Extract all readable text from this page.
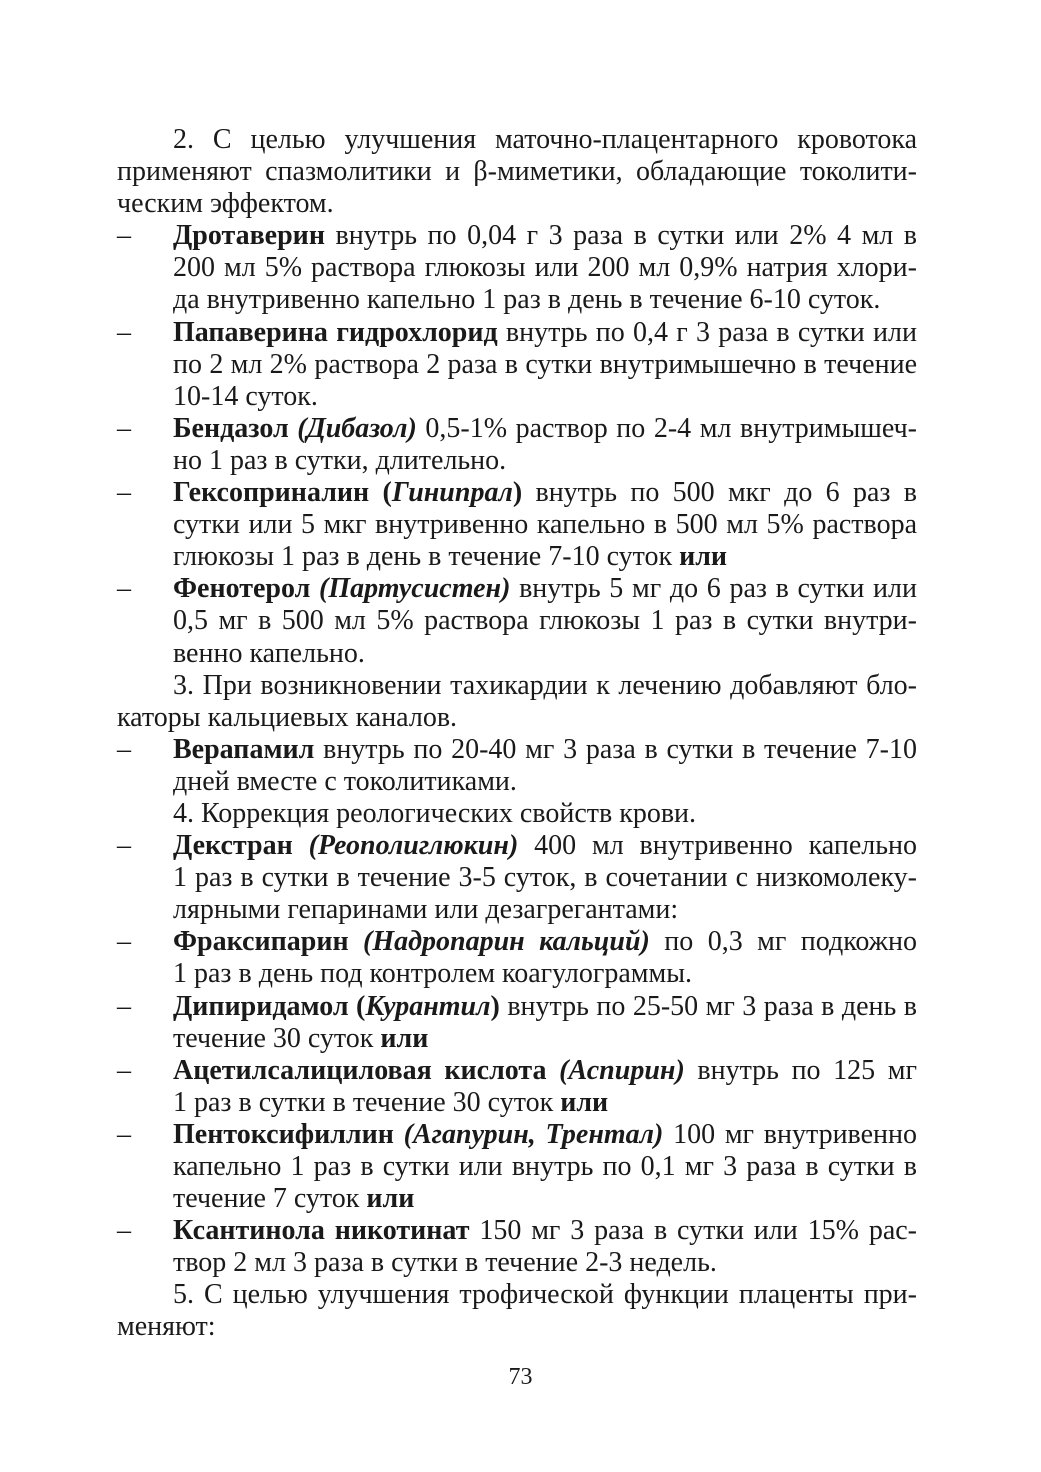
2. С целью улучшения маточно-плацентарного кровотока
применяют спазмолитики и β-миметики, обладающие токолити-
ческим эффектом.
– Дротаверин внутрь по 0,04 г 3 раза в сутки или 2% 4 мл в
200 мл 5% раствора глюкозы или 200 мл 0,9% натрия хлори-
да внутривенно капельно 1 раз в день в течение 6-10 суток.
– Папаверина гидрохлорид внутрь по 0,4 г 3 раза в сутки или
по 2 мл 2% раствора 2 раза в сутки внутримышечно в течение
10-14 суток.
– Бендазол (Дибазол) 0,5-1% раствор по 2-4 мл внутримышеч-
но 1 раз в сутки, длительно.
– Гексоприналин (Гинипрал) внутрь по 500 мкг до 6 раз в
сутки или 5 мкг внутривенно капельно в 500 мл 5% раствора
глюкозы 1 раз в день в течение 7-10 суток или
– Фенотерол (Партусистен) внутрь 5 мг до 6 раз в сутки или
0,5 мг в 500 мл 5% раствора глюкозы 1 раз в сутки внутри-
венно капельно.
3. При возникновении тахикардии к лечению добавляют бло-
каторы кальциевых каналов.
– Верапамил внутрь по 20-40 мг 3 раза в сутки в течение 7-10
дней вместе с токолитиками.
4. Коррекция реологических свойств крови.
– Декстран (Реополиглюкин) 400 мл внутривенно капельно
1 раз в сутки в течение 3-5 суток, в сочетании с низкомолеку-
лярными гепаринами или дезагрегантами:
– Фраксипарин (Надропарин кальций) по 0,3 мг подкожно
1 раз в день под контролем коагулограммы.
– Дипиридамол (Курантил) внутрь по 25-50 мг 3 раза в день в
течение 30 суток или
– Ацетилсалициловая кислота (Аспирин) внутрь по 125 мг
1 раз в сутки в течение 30 суток или
– Пентоксифиллин (Агапурин, Трентал) 100 мг внутривенно
капельно 1 раз в сутки или внутрь по 0,1 мг 3 раза в сутки в
течение 7 суток или
– Ксантинола никотинат 150 мг 3 раза в сутки или 15% рас-
твор 2 мл 3 раза в сутки в течение 2-3 недель.
5. С целью улучшения трофической функции плаценты при-
меняют:
73
